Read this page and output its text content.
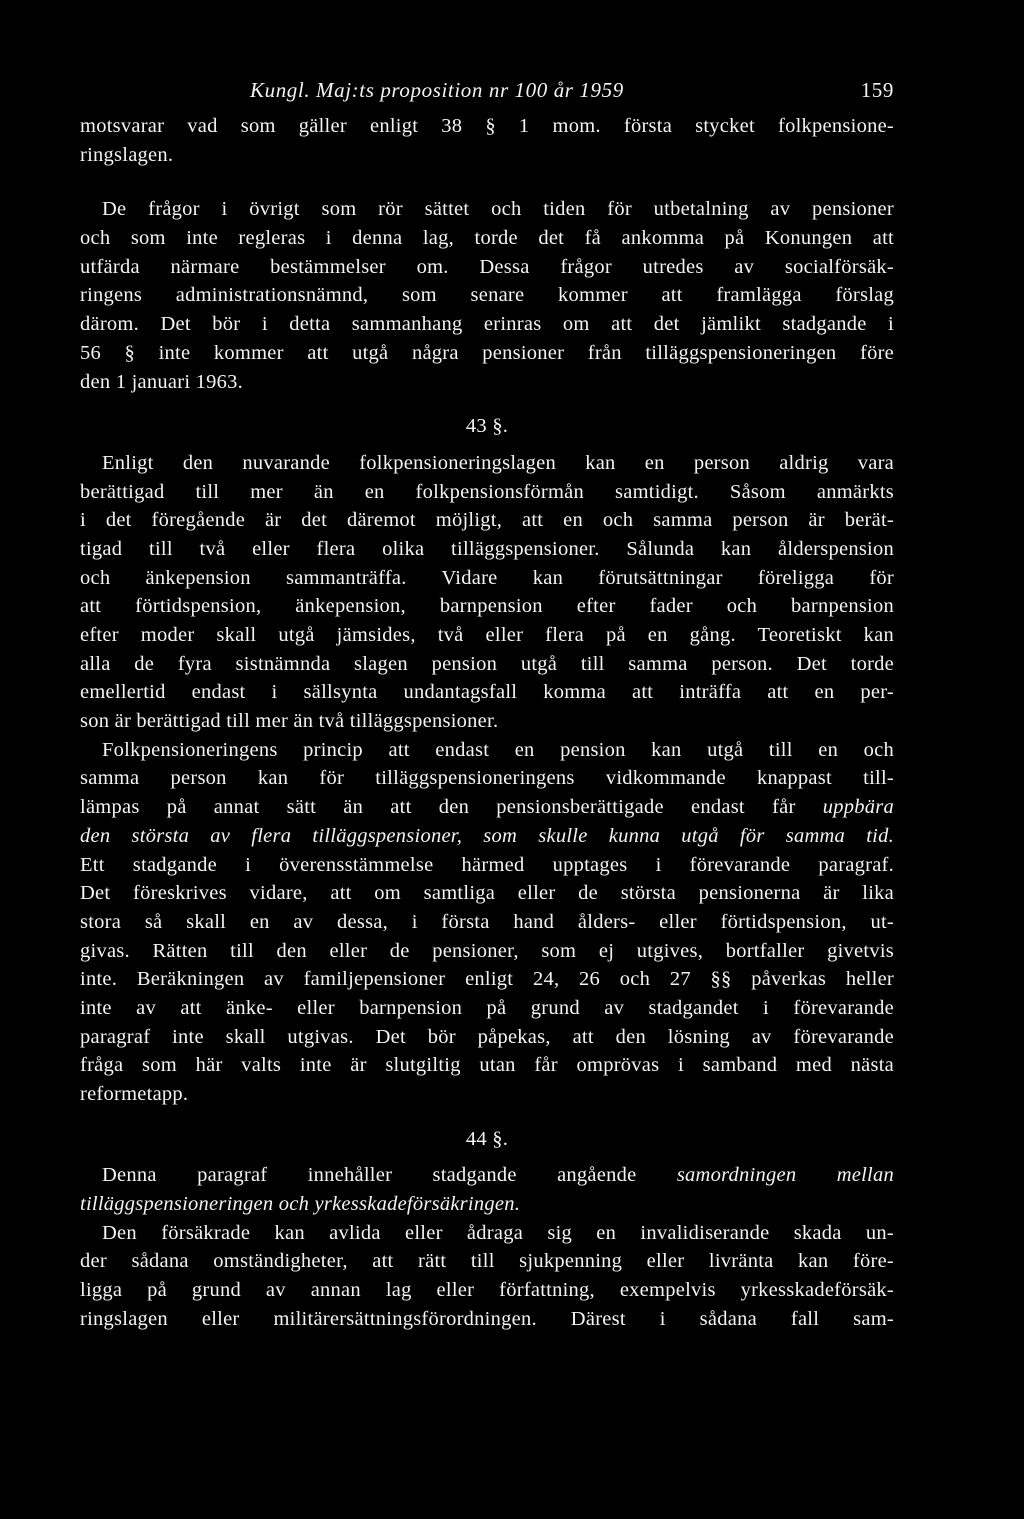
Kungl. Maj:ts proposition nr 100 år 1959	159
motsvarar vad som gäller enligt 38 § 1 mom. första stycket folkpensione-
ringslagen.
De frågor i övrigt som rör sättet och tiden för utbetalning av pensioner
och som inte regleras i denna lag, torde det få ankomma på Konungen att
utfärda närmare bestämmelser om. Dessa frågor utredes av socialförsäk-
ringens administrationsnämnd, som senare kommer att framlägga förslag
därom. Det bör i detta sammanhang erinras om att det jämlikt stadgande i
56 § inte kommer att utgå några pensioner från tilläggspensioneringen före
den 1 januari 1963.
43 §.
Enligt den nuvarande folkpensioneringslagen kan en person aldrig vara
berättigad till mer än en folkpensionsförmån samtidigt. Såsom anmärkts
i det föregående är det däremot möjligt, att en och samma person är berät-
tigad till två eller flera olika tilläggspensioner. Sålunda kan ålderspension
och änkepension sammanträffa. Vidare kan förutsättningar föreligga för
att förtidspension, änkepension, barnpension efter fader och barnpension
efter moder skall utgå jämsides, två eller flera på en gång. Teoretiskt kan
alla de fyra sistnämnda slagen pension utgå till samma person. Det torde
emellertid endast i sällsynta undantagsfall komma att inträffa att en per-
son är berättigad till mer än två tilläggspensioner.
Folkpensioneringens princip att endast en pension kan utgå till en och
samma person kan för tilläggspensioneringens vidkommande knappast till-
lämpas på annat sätt än att den pensionsberättigade endast får uppbära
den största av flera tilläggspensioner, som skulle kunna utgå för samma tid.
Ett stadgande i överensstämmelse härmed upptages i förevarande paragraf.
Det föreskrives vidare, att om samtliga eller de största pensionerna är lika
stora så skall en av dessa, i första hand ålders- eller förtidspension, ut-
givas. Rätten till den eller de pensioner, som ej utgives, bortfaller givetvis
inte. Beräkningen av familjepensioner enligt 24, 26 och 27 §§ påverkas heller
inte av att änke- eller barnpension på grund av stadgandet i förevarande
paragraf inte skall utgivas. Det bör påpekas, att den lösning av förevarande
fråga som här valts inte är slutgiltig utan får omprövas i samband med nästa
reformetapp.
44 §.
Denna paragraf innehåller stadgande angående samordningen mellan
tilläggspensioneringen och yrkesskadeförsäkringen.
Den försäkrade kan avlida eller ådraga sig en invalidiserande skada un-
der sådana omständigheter, att rätt till sjukpenning eller livränta kan före-
ligga på grund av annan lag eller författning, exempelvis yrkesskadeförsäk-
ringslagen eller militärersättningsförordningen. Därest i sådana fall sam-
